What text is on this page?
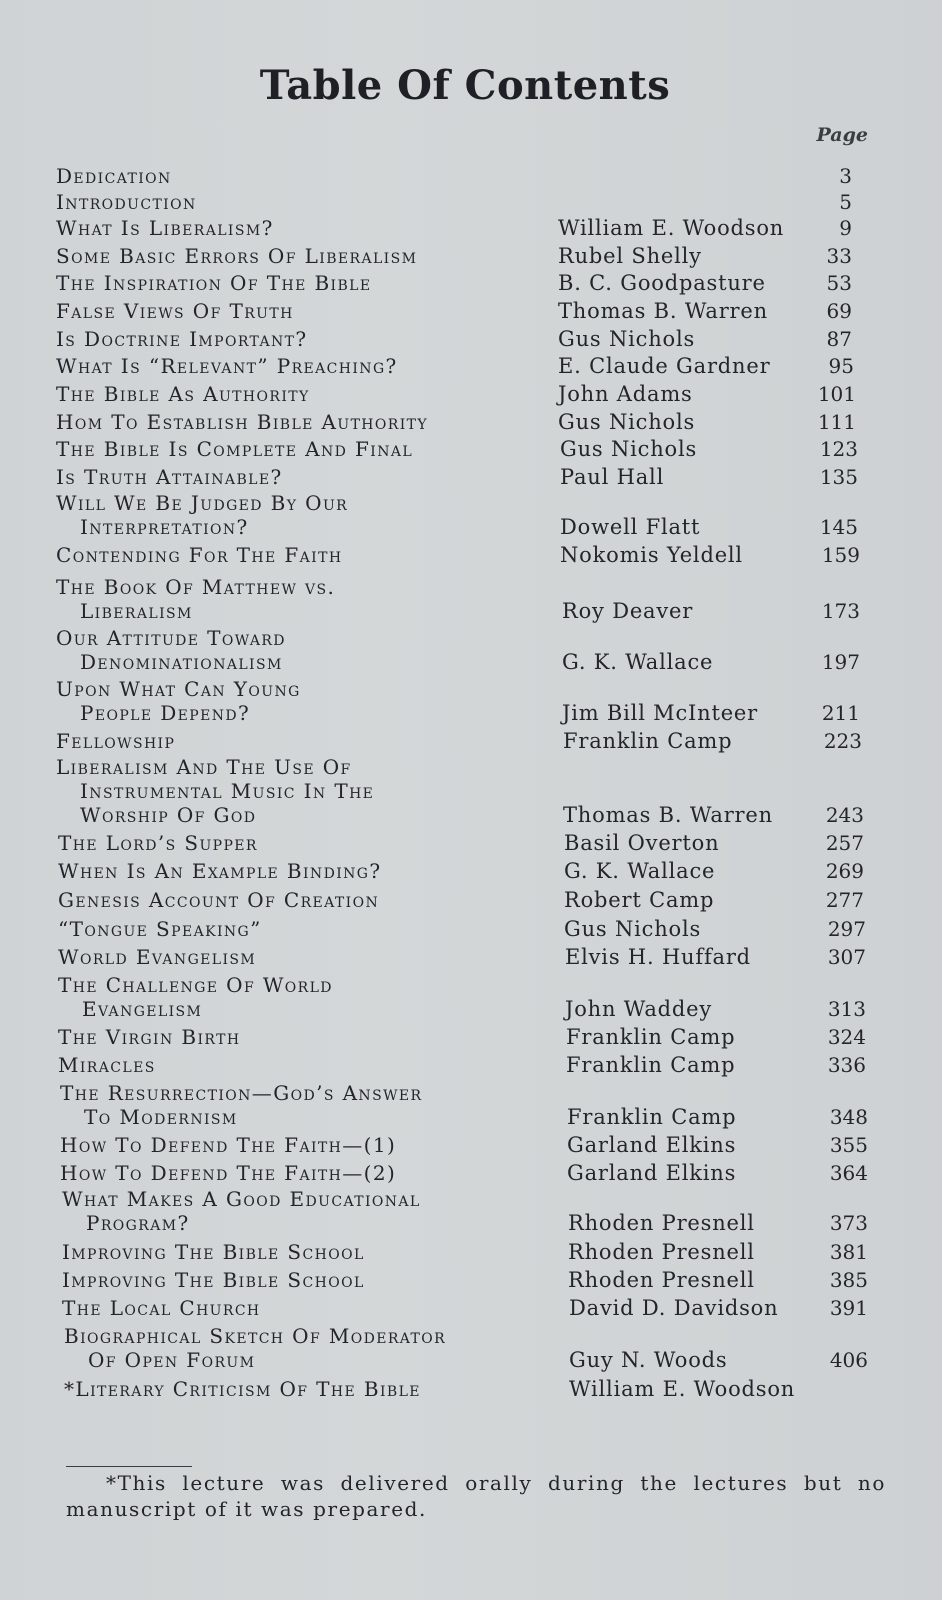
Table Of Contents
Page
Dedication	3
Introduction	5
What Is Liberalism?	William E. Woodson	9
Some Basic Errors Of Liberalism	Rubel Shelly	33
The Inspiration Of The Bible	B. C. Goodpasture	53
False Views Of Truth	Thomas B. Warren	69
Is Doctrine Important?	Gus Nichols	87
What Is “Relevant” Preaching?	E. Claude Gardner	95
The Bible As Authority	John Adams	101
Hom To Establish Bible Authority	Gus Nichols	111
The Bible Is Complete And Final	Gus Nichols	123
Is Truth Attainable?	Paul Hall	135
Will We Be Judged By Our
Interpretation?	Dowell Flatt	145
Contending For The Faith	Nokomis Yeldell	159
The Book Of Matthew vs.
Liberalism	Roy Deaver	173
Our Attitude Toward
Denominationalism	G. K. Wallace	197
Upon What Can Young
People Depend?	Jim Bill McInteer	211
Fellowship	Franklin Camp	223
Liberalism And The Use Of
Instrumental Music In The
Worship Of God	Thomas B. Warren	243
The Lord’s Supper	Basil Overton	257
When Is An Example Binding?	G. K. Wallace	269
Genesis Account Of Creation	Robert Camp	277
“Tongue Speaking”	Gus Nichols	297
World Evangelism	Elvis H. Huffard	307
The Challenge Of World
Evangelism	John Waddey	313
The Virgin Birth	Franklin Camp	324
Miracles	Franklin Camp	336
The Resurrection—God’s Answer
To Modernism	Franklin Camp	348
How To Defend The Faith—(1)	Garland Elkins	355
How To Defend The Faith—(2)	Garland Elkins	364
What Makes A Good Educational
Program?	Rhoden Presnell	373
Improving The Bible School	Rhoden Presnell	381
Improving The Bible School	Rhoden Presnell	385
The Local Church	David D. Davidson	391
Biographical Sketch Of Moderator
Of Open Forum	Guy N. Woods	406
*Literary Criticism Of The Bible	William E. Woodson
*This lecture was delivered orally during the lectures but no manuscript of it was prepared.
